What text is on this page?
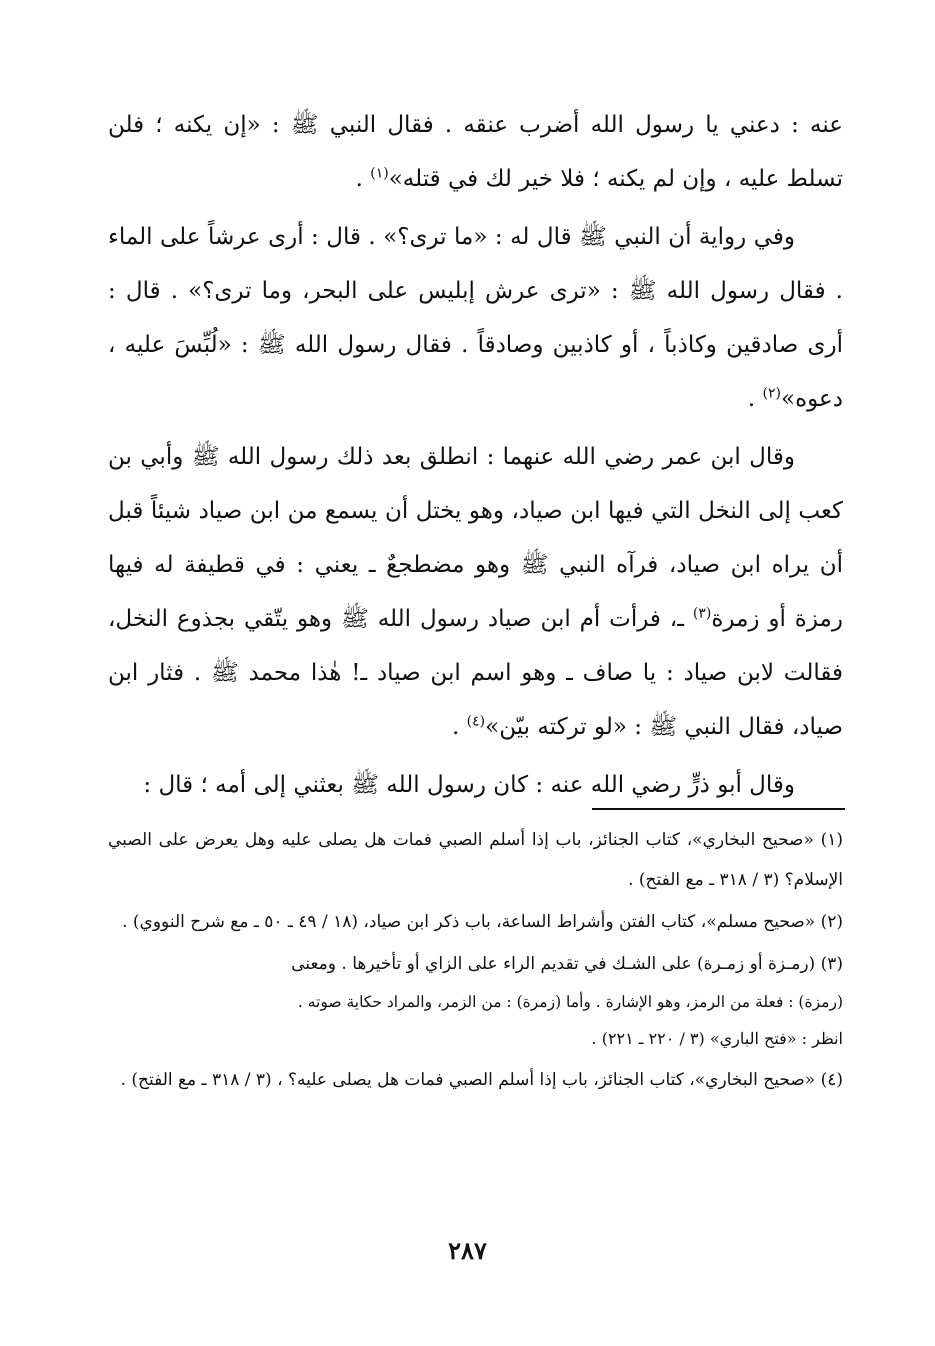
عنه : دعني يا رسول الله أضرب عنقه . فقال النبي ﷺ : «إن يكنه ؛ فلن تسلط عليه ، وإن لم يكنه ؛ فلا خير لك في قتله»$^{(١)}$ .

وفي رواية أن النبي ﷺ قال له : «ما ترى؟» . قال : أرى عرشاً على الماء . فقال رسول الله ﷺ : «ترى عرش إبليس على البحر، وما ترى؟» . قال : أرى صادقين وكاذباً ، أو كاذبين وصادقاً . فقال رسول الله ﷺ : «لُبِّسَ عليه ، دعوه»$^{(٢)}$ .

وقال ابن عمر رضي الله عنهما : انطلق بعد ذلك رسول الله ﷺ وأبي بن كعب إلى النخل التي فيها ابن صياد، وهو يختل أن يسمع من ابن صياد شيئاً قبل أن يراه ابن صياد، فرآه النبي ﷺ وهو مضطجعٌ ـ يعني : في قطيفة له فيها رمزة أو زمرة$^{(٣)}$ ـ، فرأت أم ابن صياد رسول الله ﷺ وهو يتّقي بجذوع النخل، فقالت لابن صياد : يا صاف ـ وهو اسم ابن صياد ـ! هٰذا محمد ﷺ . فثار ابن صياد، فقال النبي ﷺ : «لو تركته بيّن»$^{(٤)}$ .

وقال أبو ذرٍّ رضي الله عنه : كان رسول الله ﷺ بعثني إلى أمه ؛ قال :

(١) «صحيح البخاري»، كتاب الجنائز، باب إذا أسلم الصبي فمات هل يصلى عليه وهل يعرض على الصبي الإسلام؟ (٣ / ٣١٨ ـ مع الفتح) .

(٢) «صحيح مسلم»، كتاب الفتن وأشراط الساعة، باب ذكر ابن صياد، (١٨ / ٤٩ ـ ٥٠ ـ مع شرح النووي) .

(٣) (رمـزة أو زمـرة) على الشـك في تقديم الراء على الزاي أو تأخيرها . ومعنى
(رمزة) : فعلة من الرمز، وهو الإشارة . وأما (زمرة) : من الزمر، والمراد حكاية صوته .
انظر : «فتح الباري» (٣ / ٢٢٠ ـ ٢٢١) .

(٤) «صحيح البخاري»، كتاب الجنائز، باب إذا أسلم الصبي فمات هل يصلى عليه؟ ، (٣ / ٣١٨ ـ مع الفتح) .

٢٨٧
